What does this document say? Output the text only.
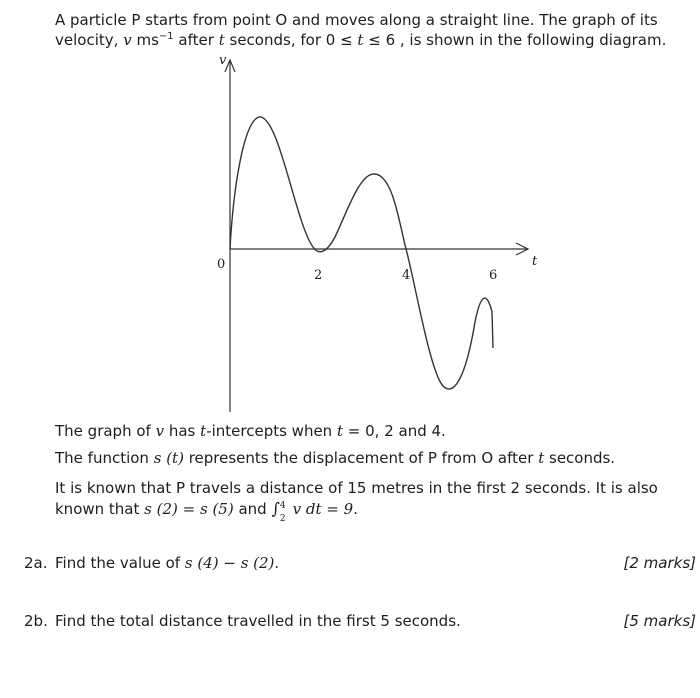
A particle P starts from point O and moves along a straight line. The graph of its
velocity, v $ms^{-1}$ after t seconds, for 0 ≤ t ≤ 6 , is shown in the following diagram.
v
t
0
2	4	6
The graph of v has t-intercepts when t = 0, 2 and 4.
The function s (t) represents the displacement of P from O after t seconds.
It is known that P travels a distance of 15 metres in the first 2 seconds. It is also
known that s (2) = s (5) and ∫ 4
2
v dt = 9.
2a. Find the value of s (4) − s (2).	[2 marks]
2b. Find the total distance travelled in the first 5 seconds.	[5 marks]
